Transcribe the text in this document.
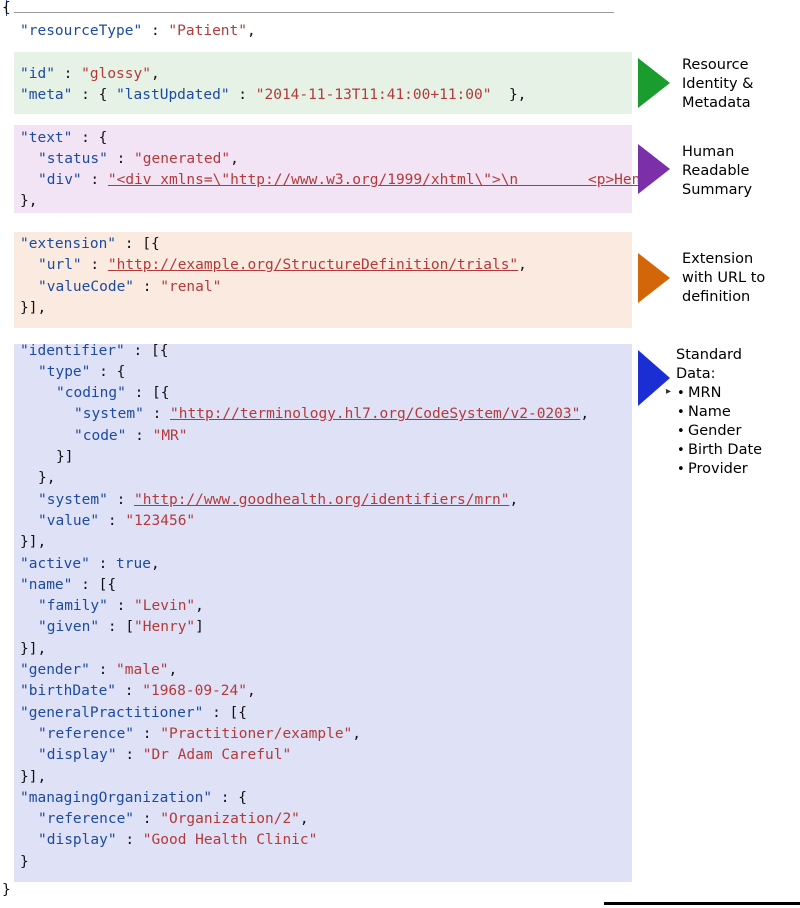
{
"resourceType" : "Patient",
"id" : "glossy",
"meta" : { "lastUpdated" : "2014-11-13T11:41:00+11:00" },
"text" : {
"status" : "generated",
"div" : "<div xmlns=\"http://www.w3.org/1999/xhtml\">\n        <p>Hen
},
"extension" : [{
"url" : "http://example.org/StructureDefinition/trials",
"valueCode" : "renal"
}],
"identifier" : [{
"type" : {
"coding" : [{
"system" : "http://terminology.hl7.org/CodeSystem/v2-0203",
"code" : "MR"
}]
},
"system" : "http://www.goodhealth.org/identifiers/mrn",
"value" : "123456"
}],
"active" : true,
"name" : [{
"family" : "Levin",
"given" : ["Henry"]
}],
"gender" : "male",
"birthDate" : "1968-09-24",
"generalPractitioner" : [{
"reference" : "Practitioner/example",
"display" : "Dr Adam Careful"
}],
"managingOrganization" : {
"reference" : "Organization/2",
"display" : "Good Health Clinic"
}
}
Resource
Identity &
Metadata
Human
Readable
Summary
Extension
with URL to
definition
▸
Standard
Data:
• MRN
• Name
• Gender
• Birth Date
• Provider
